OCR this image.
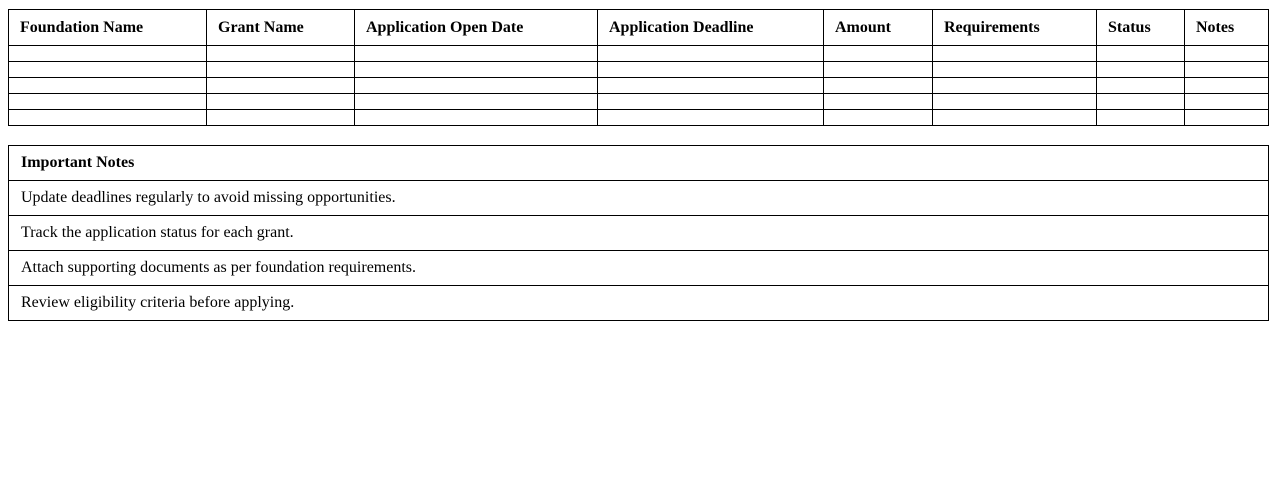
Foundation Name	Grant Name	Application Open Date	Application Deadline	Amount	Requirements	Status	Notes

Important Notes
Update deadlines regularly to avoid missing opportunities.
Track the application status for each grant.
Attach supporting documents as per foundation requirements.
Review eligibility criteria before applying.
